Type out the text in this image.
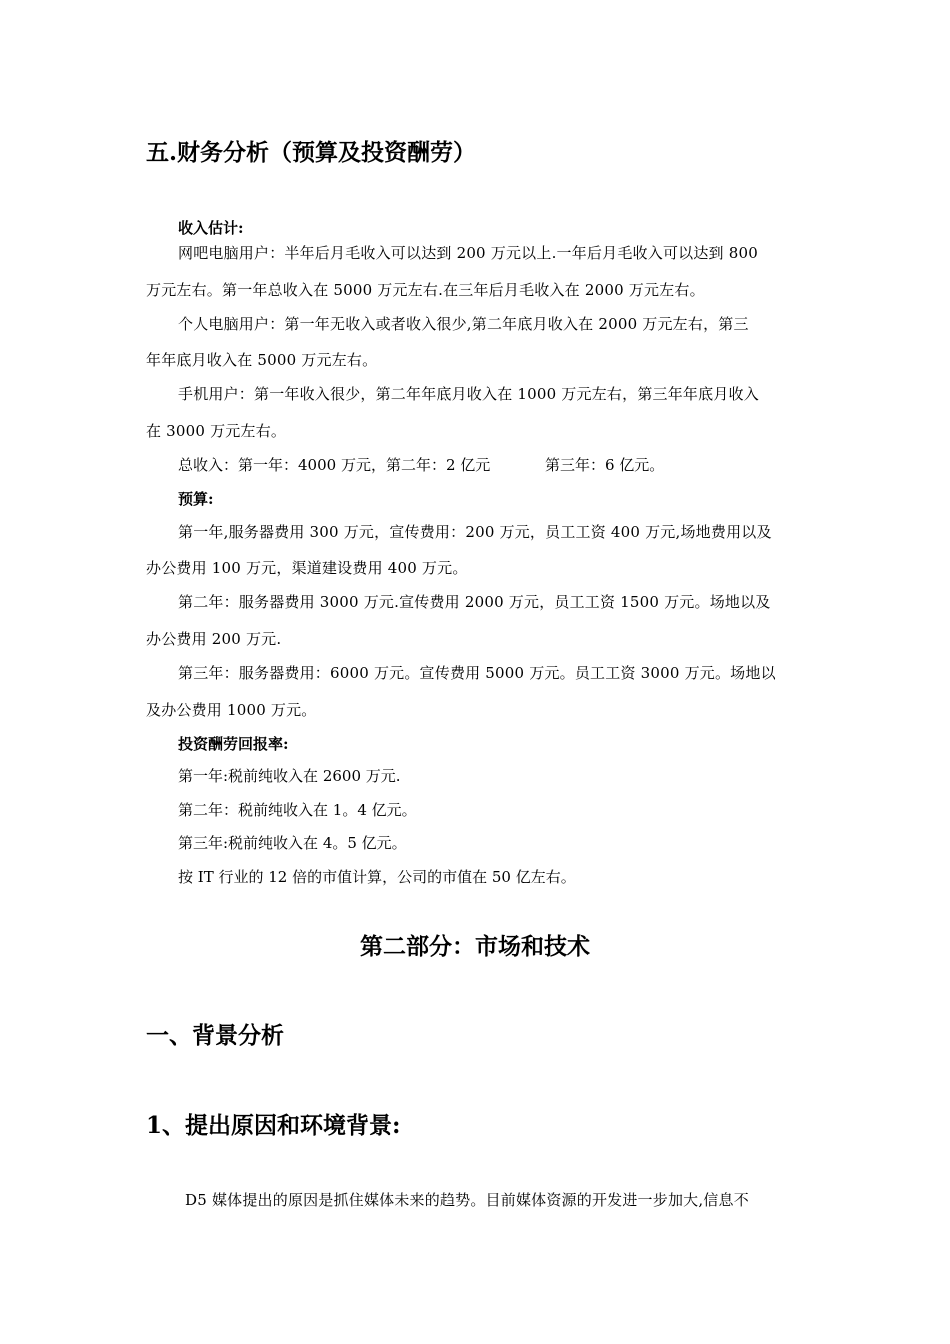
五.财务分析（预算及投资酬劳）
收入估计:
网吧电脑用户：半年后月毛收入可以达到 200 万元以上.一年后月毛收入可以达到 800
万元左右。第一年总收入在 5000 万元左右.在三年后月毛收入在 2000 万元左右。
个人电脑用户：第一年无收入或者收入很少,第二年底月收入在 2000 万元左右，第三
年年底月收入在 5000 万元左右。
手机用户：第一年收入很少，第二年年底月收入在 1000 万元左右，第三年年底月收入
在 3000 万元左右。
总收入：第一年：4000 万元，第二年：2 亿元	第三年：6 亿元。
预算:
第一年,服务器费用 300 万元，宣传费用：200 万元，员工工资 400 万元,场地费用以及
办公费用 100 万元，渠道建设费用 400 万元。
第二年：服务器费用 3000 万元.宣传费用 2000 万元，员工工资 1500 万元。场地以及
办公费用 200 万元.
第三年：服务器费用：6000 万元。宣传费用 5000 万元。员工工资 3000 万元。场地以
及办公费用 1000 万元。
投资酬劳回报率:
第一年:税前纯收入在 2600 万元.
第二年：税前纯收入在 1。4 亿元。
第三年:税前纯收入在 4。5 亿元。
按 IT 行业的 12 倍的市值计算，公司的市值在 50 亿左右。
第二部分：市场和技术
一、背景分析
1、提出原因和环境背景:
D5 媒体提出的原因是抓住媒体未来的趋势。目前媒体资源的开发进一步加大,信息不
